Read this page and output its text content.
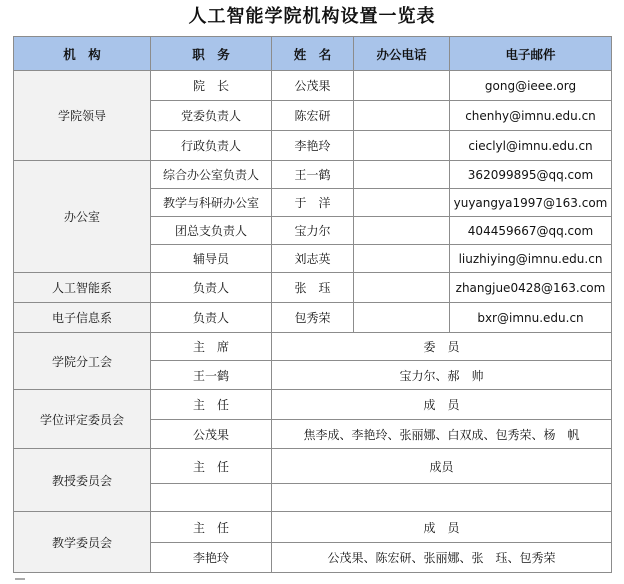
人工智能学院机构设置一览表
机　构	职　务	姓　名	办公电话	电子邮件
学院领导	院　长	公茂果		gong@ieee.org
	党委负责人	陈宏研		chenhy@imnu.edu.cn
	行政负责人	李艳玲		cieclyl@imnu.edu.cn
办公室	综合办公室负责人	王一鹤		362099895@qq.com
	教学与科研办公室	于　洋		yuyangya1997@163.com
	团总支负责人	宝力尔		404459667@qq.com
	辅导员	刘志英		liuzhiying@imnu.edu.cn
人工智能系	负责人	张　珏		zhangjue0428@163.com
电子信息系	负责人	包秀荣		bxr@imnu.edu.cn
学院分工会	主　席	委　员		
	王一鹤	宝力尔、郝　帅		
学位评定委员会	主　任	成　员		
	公茂果	焦李成、李艳玲、张丽娜、白双成、包秀荣、杨　帆		
教授委员会	主　任	成员		

教学委员会	主　任	成　员		
	李艳玲	公茂果、陈宏研、张丽娜、张　珏、包秀荣		
